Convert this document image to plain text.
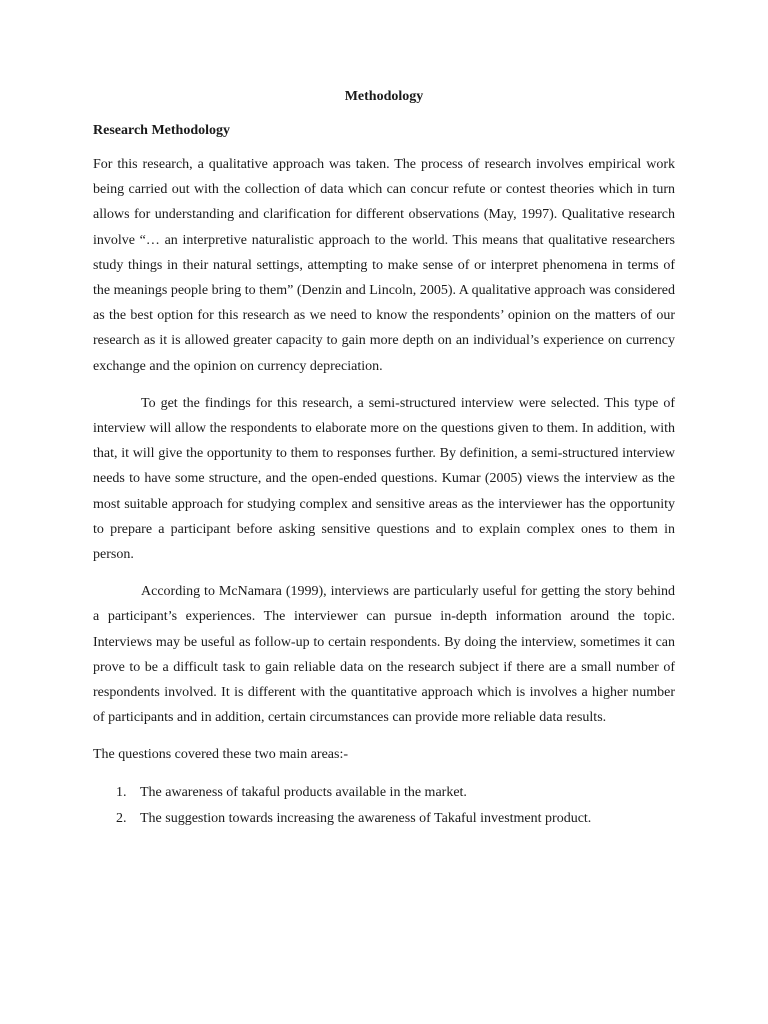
Methodology
Research Methodology

For this research, a qualitative approach was taken. The process of research involves empirical work being carried out with the collection of data which can concur refute or contest theories which in turn allows for understanding and clarification for different observations (May, 1997). Qualitative research involve “… an interpretive naturalistic approach to the world. This means that qualitative researchers study things in their natural settings, attempting to make sense of or interpret phenomena in terms of the meanings people bring to them” (Denzin and Lincoln, 2005). A qualitative approach was considered as the best option for this research as we need to know the respondents’ opinion on the matters of our research as it is allowed greater capacity to gain more depth on an individual’s experience on currency exchange and the opinion on currency depreciation.

To get the findings for this research, a semi-structured interview were selected. This type of interview will allow the respondents to elaborate more on the questions given to them. In addition, with that, it will give the opportunity to them to responses further. By definition, a semi-structured interview needs to have some structure, and the open-ended questions. Kumar (2005) views the interview as the most suitable approach for studying complex and sensitive areas as the interviewer has the opportunity to prepare a participant before asking sensitive questions and to explain complex ones to them in person.

According to McNamara (1999), interviews are particularly useful for getting the story behind a participant’s experiences. The interviewer can pursue in-depth information around the topic. Interviews may be useful as follow-up to certain respondents. By doing the interview, sometimes it can prove to be a difficult task to gain reliable data on the research subject if there are a small number of respondents involved. It is different with the quantitative approach which is involves a higher number of participants and in addition, certain circumstances can provide more reliable data results.

The questions covered these two main areas:-

1. The awareness of takaful products available in the market.
2. The suggestion towards increasing the awareness of Takaful investment product.
